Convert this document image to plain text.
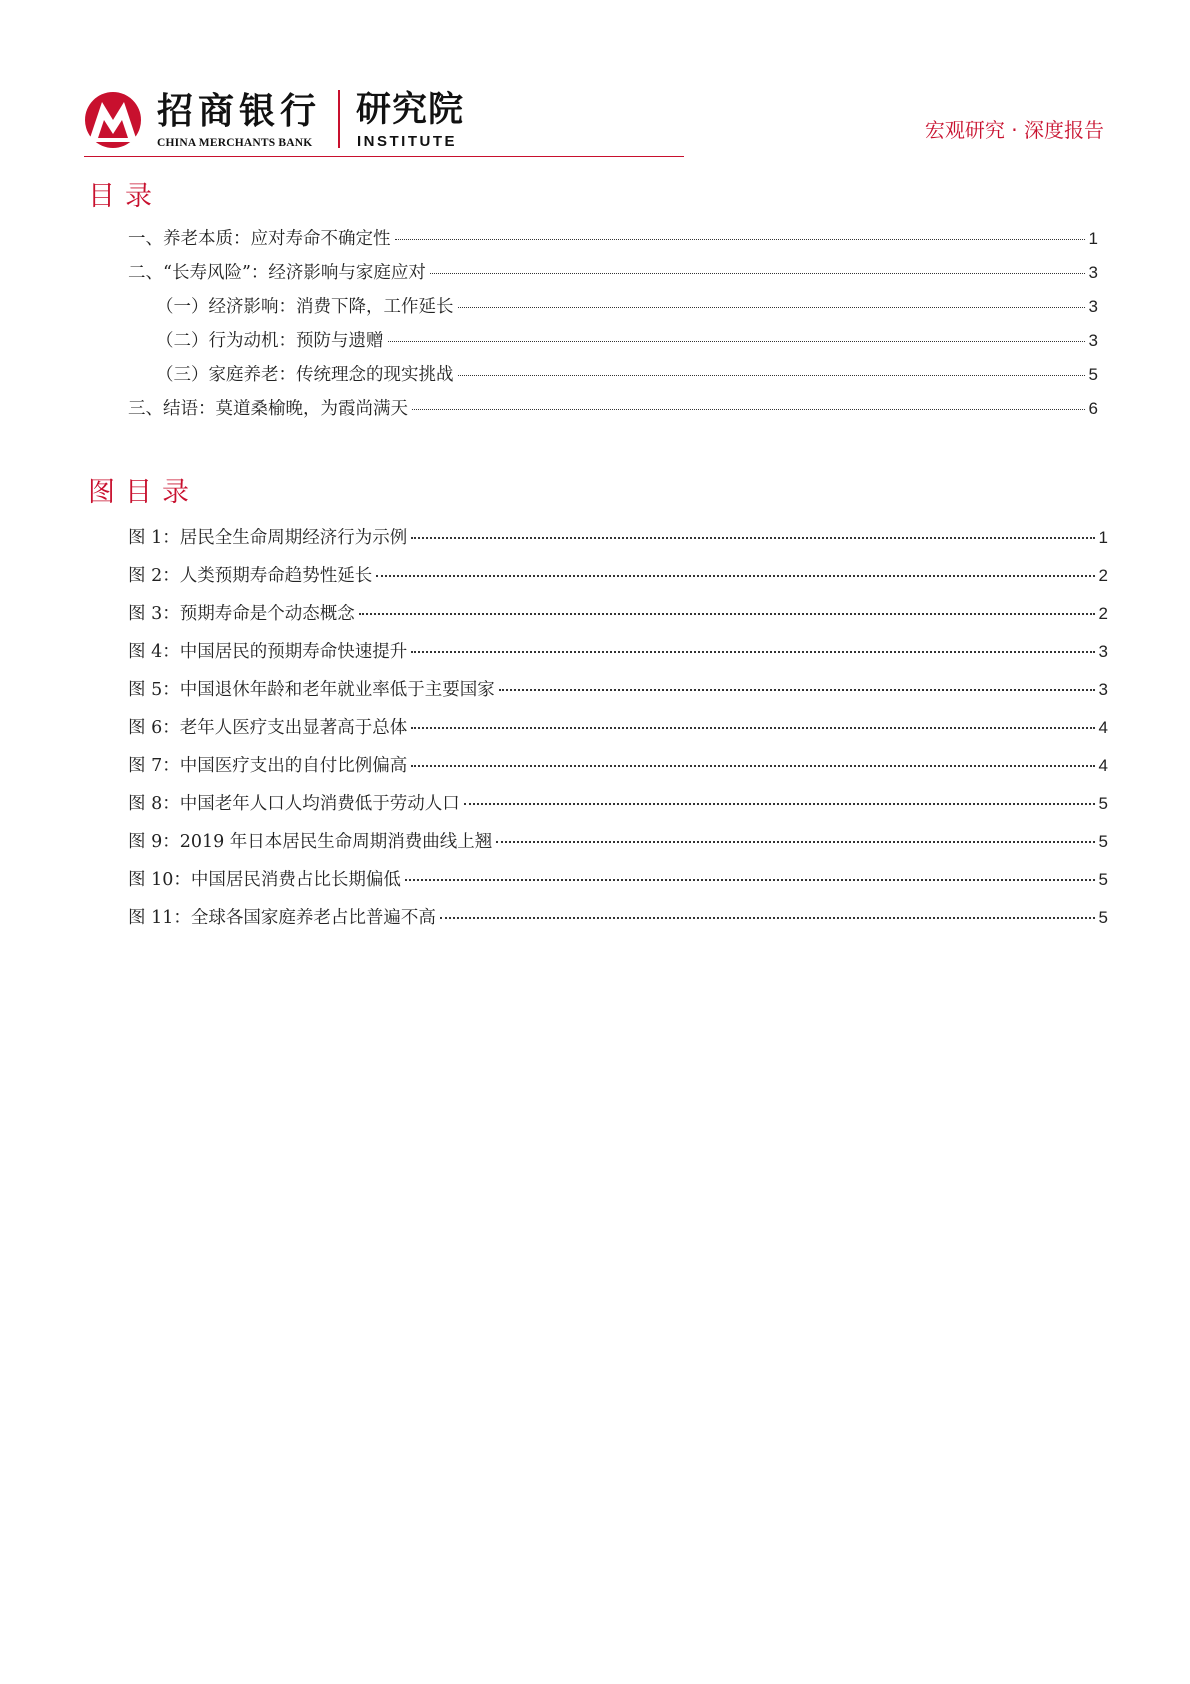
招商银行
CHINA MERCHANTS BANK
研究院
INSTITUTE	宏观研究 · 深度报告
目录
一、养老本质：应对寿命不确定性	1
二、“长寿风险”：经济影响与家庭应对	3
（一）经济影响：消费下降，工作延长	3
（二）行为动机：预防与遗赠	3
（三）家庭养老：传统理念的现实挑战	5
三、结语：莫道桑榆晚，为霞尚满天	6
图目录
图 1：居民全生命周期经济行为示例	1
图 2：人类预期寿命趋势性延长	2
图 3：预期寿命是个动态概念	2
图 4：中国居民的预期寿命快速提升	3
图 5：中国退休年龄和老年就业率低于主要国家	3
图 6：老年人医疗支出显著高于总体	4
图 7：中国医疗支出的自付比例偏高	4
图 8：中国老年人口人均消费低于劳动人口	5
图 9：2019 年日本居民生命周期消费曲线上翘	5
图 10：中国居民消费占比长期偏低	5
图 11：全球各国家庭养老占比普遍不高	5
